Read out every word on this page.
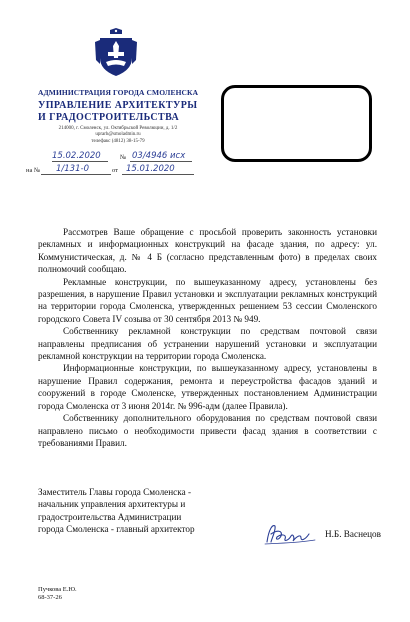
АДМИНИСТРАЦИЯ ГОРОДА СМОЛЕНСКА
УПРАВЛЕНИЕ АРХИТЕКТУРЫ
И ГРАДОСТРОИТЕЛЬСТВА
214000, г. Смоленск, ул. Октябрьской Революции, д. 1/2
uprarh@smoladmin.ru
телефакс (4812) 38-15-79
15.02.2020	№ 03/4946 исх
на № 1/131-0	от 15.01.2020

Рассмотрев Ваше обращение с просьбой проверить законность установки рекламных и информационных конструкций на фасаде здания, по адресу: ул. Коммунистическая, д. № 4 Б (согласно представленным фото) в пределах своих полномочий сообщаю.

Рекламные конструкции, по вышеуказанному адресу, установлены без разрешения, в нарушение Правил установки и эксплуатации рекламных конструкций на территории города Смоленска, утвержденных решением 53 сессии Смоленского городского Совета IV созыва от 30 сентября 2013 № 949.

Собственнику рекламной конструкции по средствам почтовой связи направлены предписания об устранении нарушений установки и эксплуатации рекламной конструкции на территории города Смоленска.

Информационные конструкции, по вышеуказанному адресу, установлены в нарушение Правил содержания, ремонта и переустройства фасадов зданий и сооружений в городе Смоленске, утвержденных постановлением Администрации города Смоленска от 3 июня 2014г. № 996-адм (далее Правила).

Собственнику дополнительного оборудования по средствам почтовой связи направлено письмо о необходимости привести фасад здания в соответствии с требованиями Правил.

Заместитель Главы города Смоленска -
начальник управления архитектуры и
градостроительства Администрации
города Смоленска - главный архитектор	Н.Б. Васнецов
Пучкова Е.Ю.
68-37-26
